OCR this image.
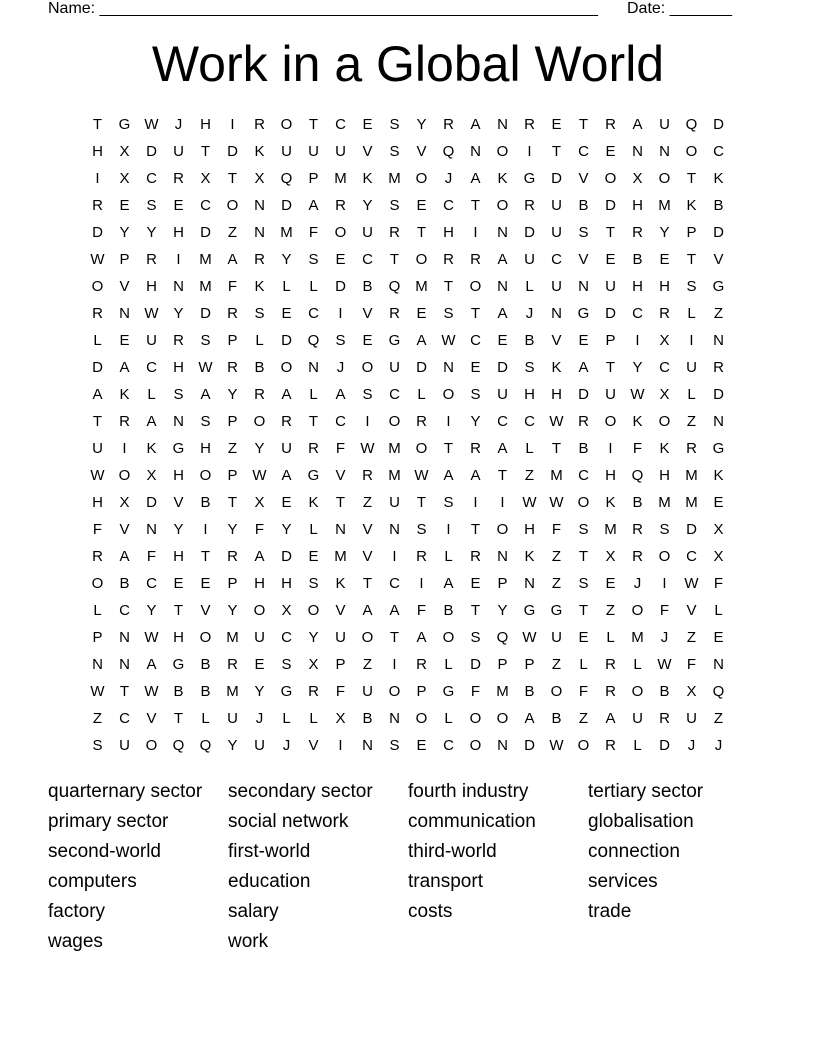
Name: ________________________________________________________ Date: _______
Work in a Global World
T	G W	J	H	I	R	O	T	C	E	S	Y	R	A	N	R	E	T	R	A	U	Q	D
H	X	D	U	T	D	K	U	U	U	V	S	V	Q	N	O	I	T	C	E	N	N	O	C
I	X	C	R	X	T	X	Q	P	M	K	M O	J	A	K	G	D	V	O	X	O	T	K
R	E	S	E	C	O	N	D	A	R	Y	S	E	C	T	O	R	U	B	D	H	M	K	B
D	Y	Y	H	D	Z	N	M	F	O	U	R	T	H	I	N	D	U	S	T	R	Y	P	D
W P	R	I	M	A	R	Y	S	E	C	T	O	R	R	A	U	C	V	E	B	E	T	V
O	V	H	N	M	F	K	L	L	D	B	Q M	T	O	N	L	U	N	U	H	H	S	G
R	N W Y	D	R	S	E	C	I	V	R	E	S	T	A	J	N	G	D	C	R	L	Z
L	E	U	R	S	P	L	D	Q	S	E	G	A W C	E	B	V	E	P	I	X	I	N
D	A	C	H W R	B	O	N	J	O	U	D	N	E	D	S	K	A	T	Y	C	U	R
A	K	L	S	A	Y	R	A	L	A	S	C	L	O	S	U	H	H	D	U W X	L	D
T	R	A	N	S	P	O	R	T	C	I	O	R	I	Y	C	C W R	O	K	O	Z	N
U	I	K	G	H	Z	Y	U	R	F	W M O	T	R	A	L	T	B	I	F	K	R	G
W O	X	H	O	P W A	G	V	R	M W A	A	T	Z	M	C	H	Q	H	M	K
H	X	D	V	B	T	X	E	K	T	Z	U	T	S	I	I	W W O	K	B	M M	E
F	V	N	Y	I	Y	F	Y	L	N	V	N	S	I	T	O	H	F	S	M	R	S	D	X
R	A	F	H	T	R	A	D	E	M	V	I	R	L	R	N	K	Z	T	X	R	O	C	X
O	B	C	E	E	P	H	H	S	K	T	C	I	A	E	P	N	Z	S	E	J	I	W	F
L	C	Y	T	V	Y	O	X	O	V	A	A	F	B	T	Y	G	G	T	Z	O	F	V	L
P	N W H	O M	U	C	Y	U	O	T	A	O	S	Q W U	E	L	M	J	Z	E
N	N	A	G	B	R	E	S	X	P	Z	I	R	L	D	P	P	Z	L	R	L	W	F	N
W	T	W B	B	M	Y	G	R	F	U	O	P	G	F	M	B	O	F	R	O	B	X	Q
Z	C	V	T	L	U	J	L	L	X	B	N	O	L	O	O	A	B	Z	A	U	R	U	Z
S	U	O	Q	Q	Y	U	J	V	I	N	S	E	C	O	N	D W O	R	L	D	J	J
quarternary sector	secondary sector	fourth industry	tertiary sector
primary sector	social network	communication	globalisation
second-world	first-world	third-world	connection
computers	education	transport	services
factory	salary	costs	trade
wages	work
